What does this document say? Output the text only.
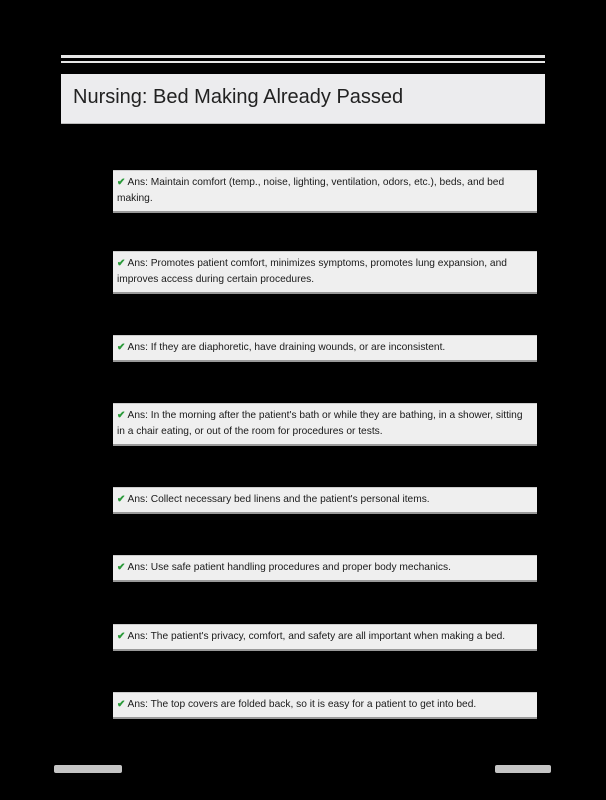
Nursing: Bed Making Already Passed
✔ Ans: Maintain comfort (temp., noise, lighting, ventilation, odors, etc.), beds, and bed making.
✔ Ans: Promotes patient comfort, minimizes symptoms, promotes lung expansion, and improves access during certain procedures.
✔ Ans: If they are diaphoretic, have draining wounds, or are inconsistent.
✔ Ans: In the morning after the patient's bath or while they are bathing, in a shower, sitting in a chair eating, or out of the room for procedures or tests.
✔ Ans: Collect necessary bed linens and the patient's personal items.
✔ Ans: Use safe patient handling procedures and proper body mechanics.
✔ Ans: The patient's privacy, comfort, and safety are all important when making a bed.
✔ Ans: The top covers are folded back, so it is easy for a patient to get into bed.
